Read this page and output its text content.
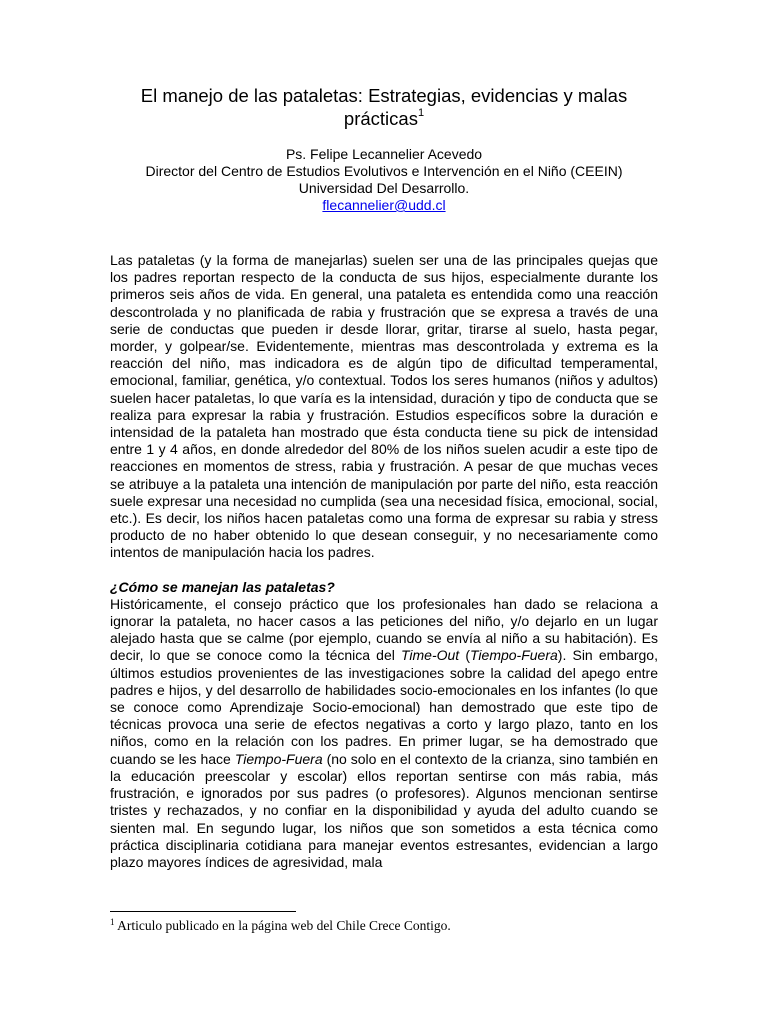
El manejo de las pataletas: Estrategias, evidencias y malas prácticas$^1$
Ps. Felipe Lecannelier Acevedo
Director del Centro de Estudios Evolutivos e Intervención en el Niño (CEEIN)
Universidad Del Desarrollo.
flecannelier@udd.cl

Las pataletas (y la forma de manejarlas) suelen ser una de las principales quejas que los padres reportan respecto de la conducta de sus hijos, especialmente durante los primeros seis años de vida. En general, una pataleta es entendida como una reacción descontrolada y no planificada de rabia y frustración que se expresa a través de una serie de conductas que pueden ir desde llorar, gritar, tirarse al suelo, hasta pegar, morder, y golpear/se. Evidentemente, mientras mas descontrolada y extrema es la reacción del niño, mas indicadora es de algún tipo de dificultad temperamental, emocional, familiar, genética, y/o contextual. Todos los seres humanos (niños y adultos) suelen hacer pataletas, lo que varía es la intensidad, duración y tipo de conducta que se realiza para expresar la rabia y frustración. Estudios específicos sobre la duración e intensidad de la pataleta han mostrado que ésta conducta tiene su pick de intensidad entre 1 y 4 años, en donde alrededor del 80% de los niños suelen acudir a este tipo de reacciones en momentos de stress, rabia y frustración. A pesar de que muchas veces se atribuye a la pataleta una intención de manipulación por parte del niño, esta reacción suele expresar una necesidad no cumplida (sea una necesidad física, emocional, social, etc.). Es decir, los niños hacen pataletas como una forma de expresar su rabia y stress producto de no haber obtenido lo que desean conseguir, y no necesariamente como intentos de manipulación hacia los padres.

¿Cómo se manejan las pataletas?

Históricamente, el consejo práctico que los profesionales han dado se relaciona a ignorar la pataleta, no hacer casos a las peticiones del niño, y/o dejarlo en un lugar alejado hasta que se calme (por ejemplo, cuando se envía al niño a su habitación). Es decir, lo que se conoce como la técnica del Time-Out (Tiempo-Fuera). Sin embargo, últimos estudios provenientes de las investigaciones sobre la calidad del apego entre padres e hijos, y del desarrollo de habilidades socio-emocionales en los infantes (lo que se conoce como Aprendizaje Socio-emocional) han demostrado que este tipo de técnicas provoca una serie de efectos negativas a corto y largo plazo, tanto en los niños, como en la relación con los padres. En primer lugar, se ha demostrado que cuando se les hace Tiempo-Fuera (no solo en el contexto de la crianza, sino también en la educación preescolar y escolar) ellos reportan sentirse con más rabia, más frustración, e ignorados por sus padres (o profesores). Algunos mencionan sentirse tristes y rechazados, y no confiar en la disponibilidad y ayuda del adulto cuando se sienten mal. En segundo lugar, los niños que son sometidos a esta técnica como práctica disciplinaria cotidiana para manejar eventos estresantes, evidencian a largo plazo mayores índices de agresividad, mala

$^1$ Articulo publicado en la página web del Chile Crece Contigo.
